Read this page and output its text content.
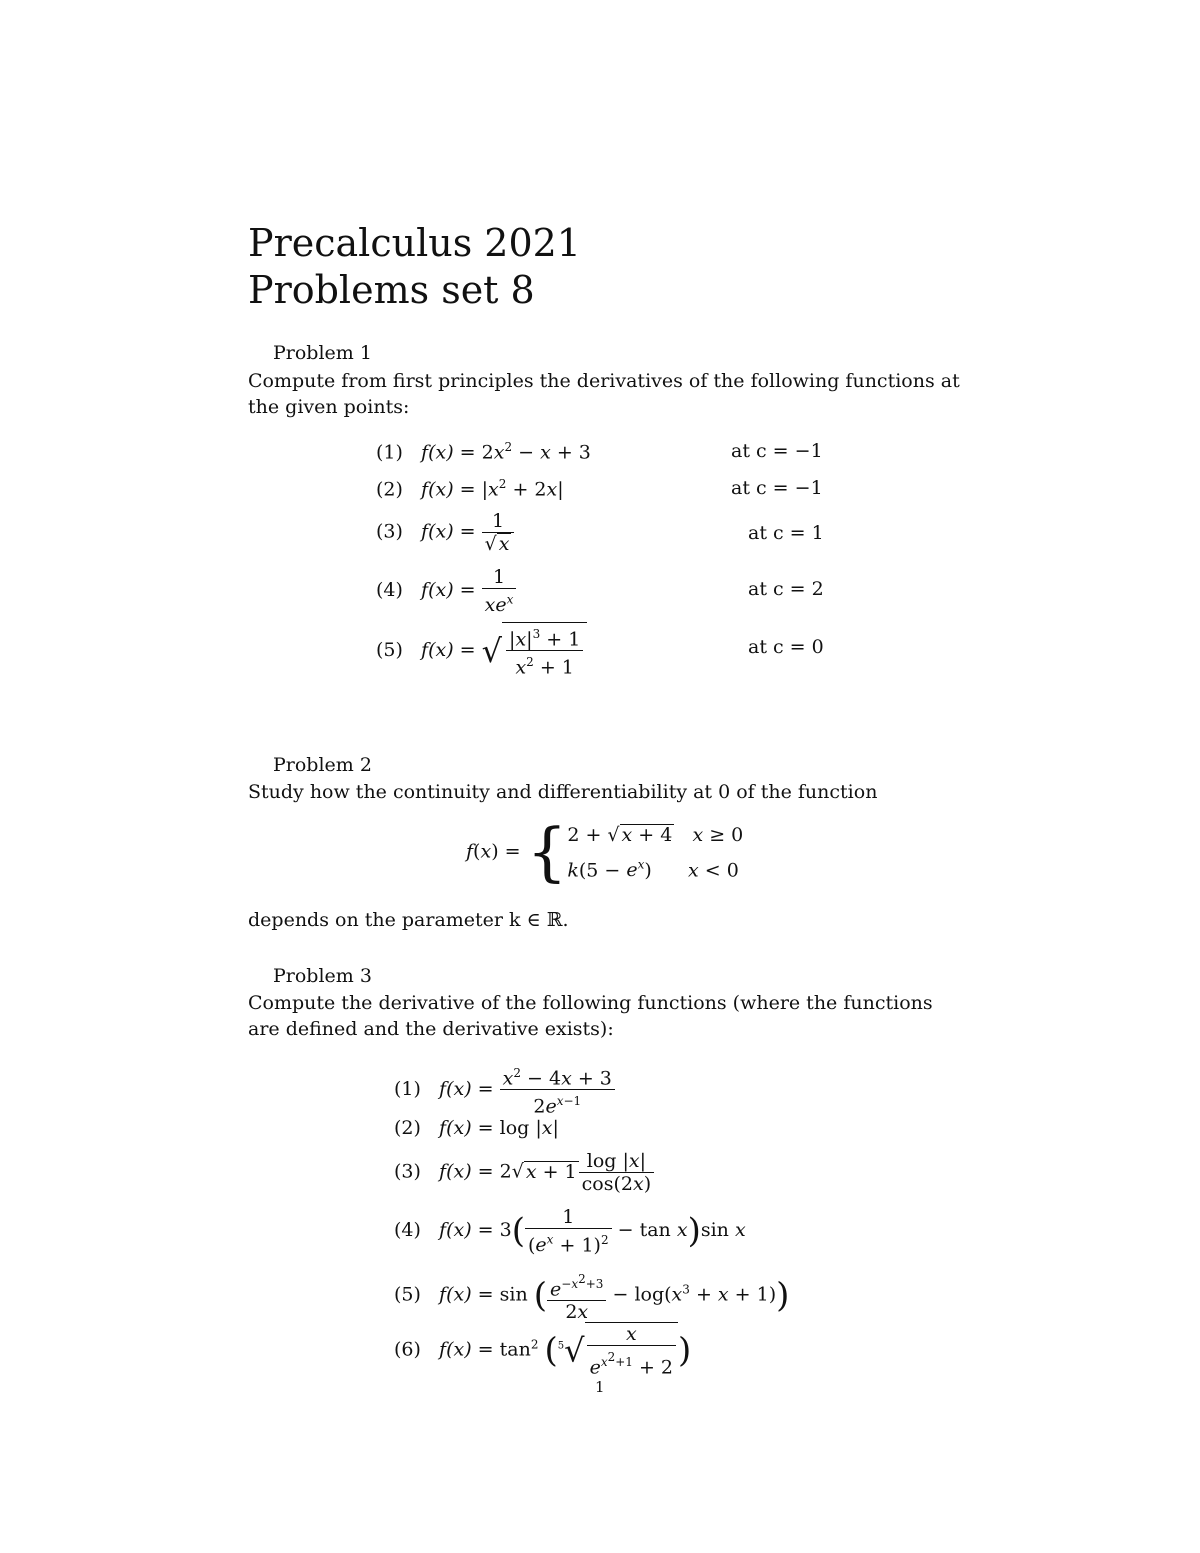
Precalculus 2021
Problems set 8
Problem 1
Compute from first principles the derivatives of the following functions at the given points:
(1) $f(x) = 2x^2 - x + 3$	at c = −1
(2) $f(x) = |x^2 + 2x|$	at c = −1
(3) $f(x) = \frac{1}{√ x}$	at c = 1
(4) $f(x) = \frac{1}{xe^x}$	at c = 2
(5) f(x) = √ $\frac{|x|^3 + 1}{x^2 + 1}$	at c = 0
Problem 2
Study how the continuity and differentiability at 0 of the function
f(x) = { 2 + √ x + 4 x ≥ 0
$k(5 - e^x)$      x < 0
depends on the parameter k ∈ ℝ.
Problem 3
Compute the derivative of the following functions (where the functions are defined and the derivative exists):
(1) $f(x) = \frac{x^2 - 4x + 3}{2e^{x-1}}$
(2) f(x) = log |x|
(3) f(x) = 2√ $x + 1 \frac{\log |x|}{\cos(2x)}$
(4) $f(x) = 3( \frac{1}{(e^x + 1)^2} - \tan x)\sin$ x
(5) f(x) = sin ( $\frac{e^{-x^2+3}}{2x} - \log(x^3 + x + 1)$)
(6) $f(x) = \tan^2 (^5√ \frac{x}{e^{x^2+1} + 2}$ )
1
